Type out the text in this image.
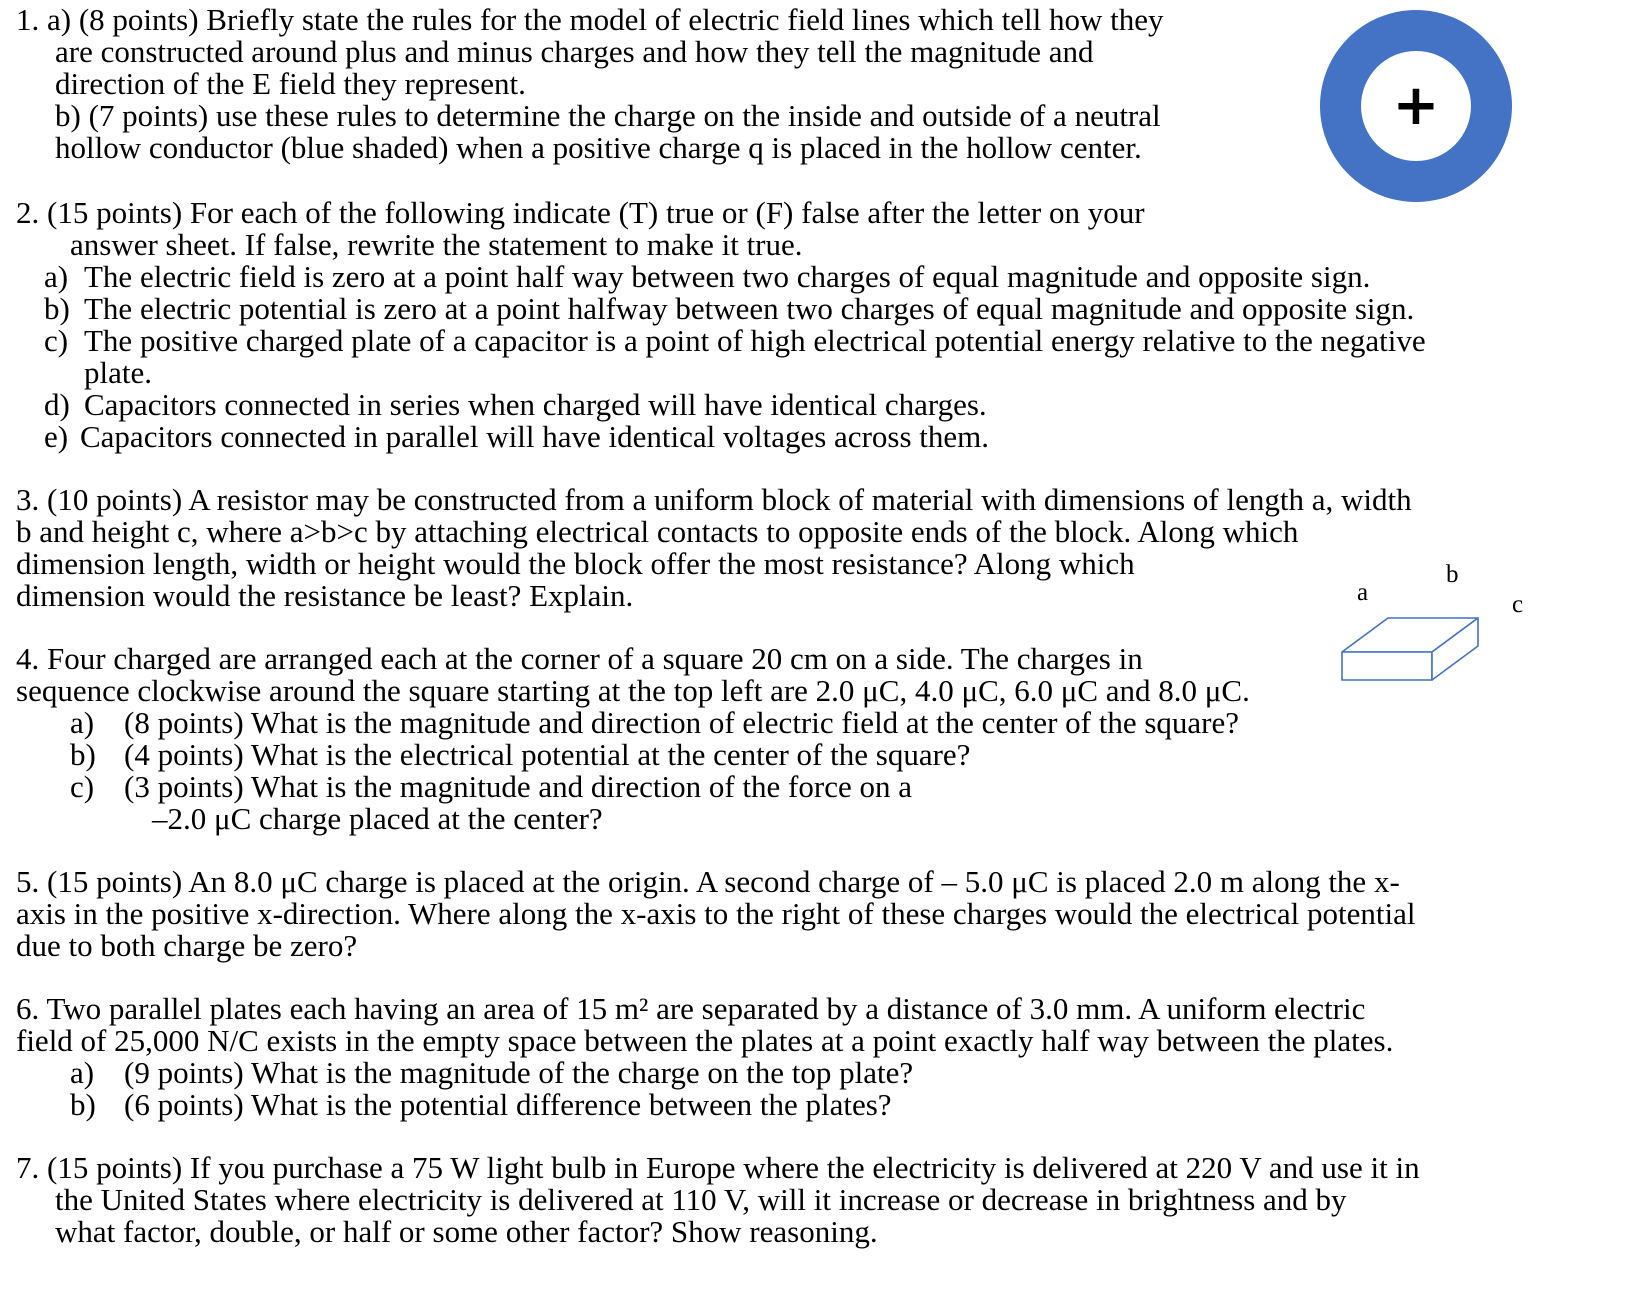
1. a) (8 points) Briefly state the rules for the model of electric field lines which tell how they
are constructed around plus and minus charges and how they tell the magnitude and
direction of the E field they represent.
b) (7 points) use these rules to determine the charge on the inside and outside of a neutral
hollow conductor (blue shaded) when a positive charge q is placed in the hollow center.
+
2. (15 points) For each of the following indicate (T) true or (F) false after the letter on your
answer sheet. If false, rewrite the statement to make it true.
a) The electric field is zero at a point half way between two charges of equal magnitude and opposite sign.
b) The electric potential is zero at a point halfway between two charges of equal magnitude and opposite sign.
c) The positive charged plate of a capacitor is a point of high electrical potential energy relative to the negative
plate.
d) Capacitors connected in series when charged will have identical charges.
e) Capacitors connected in parallel will have identical voltages across them.
3. (10 points) A resistor may be constructed from a uniform block of material with dimensions of length a, width
b and height c, where a>b>c by attaching electrical contacts to opposite ends of the block. Along which
dimension length, width or height would the block offer the most resistance? Along which
dimension would the resistance be least? Explain.	a
b
c
4. Four charged are arranged each at the corner of a square 20 cm on a side. The charges in
sequence clockwise around the square starting at the top left are 2.0 μC, 4.0 μC, 6.0 μC and 8.0 μC.
a) (8 points) What is the magnitude and direction of electric field at the center of the square?
b) (4 points) What is the electrical potential at the center of the square?
c) (3 points) What is the magnitude and direction of the force on a
–2.0 μC charge placed at the center?
5. (15 points) An 8.0 μC charge is placed at the origin. A second charge of – 5.0 μC is placed 2.0 m along the x-
axis in the positive x-direction. Where along the x-axis to the right of these charges would the electrical potential
due to both charge be zero?
6. Two parallel plates each having an area of 15 m² are separated by a distance of 3.0 mm. A uniform electric
field of 25,000 N/C exists in the empty space between the plates at a point exactly half way between the plates.
a) (9 points) What is the magnitude of the charge on the top plate?
b) (6 points) What is the potential difference between the plates?
7. (15 points) If you purchase a 75 W light bulb in Europe where the electricity is delivered at 220 V and use it in
the United States where electricity is delivered at 110 V, will it increase or decrease in brightness and by
what factor, double, or half or some other factor? Show reasoning.
